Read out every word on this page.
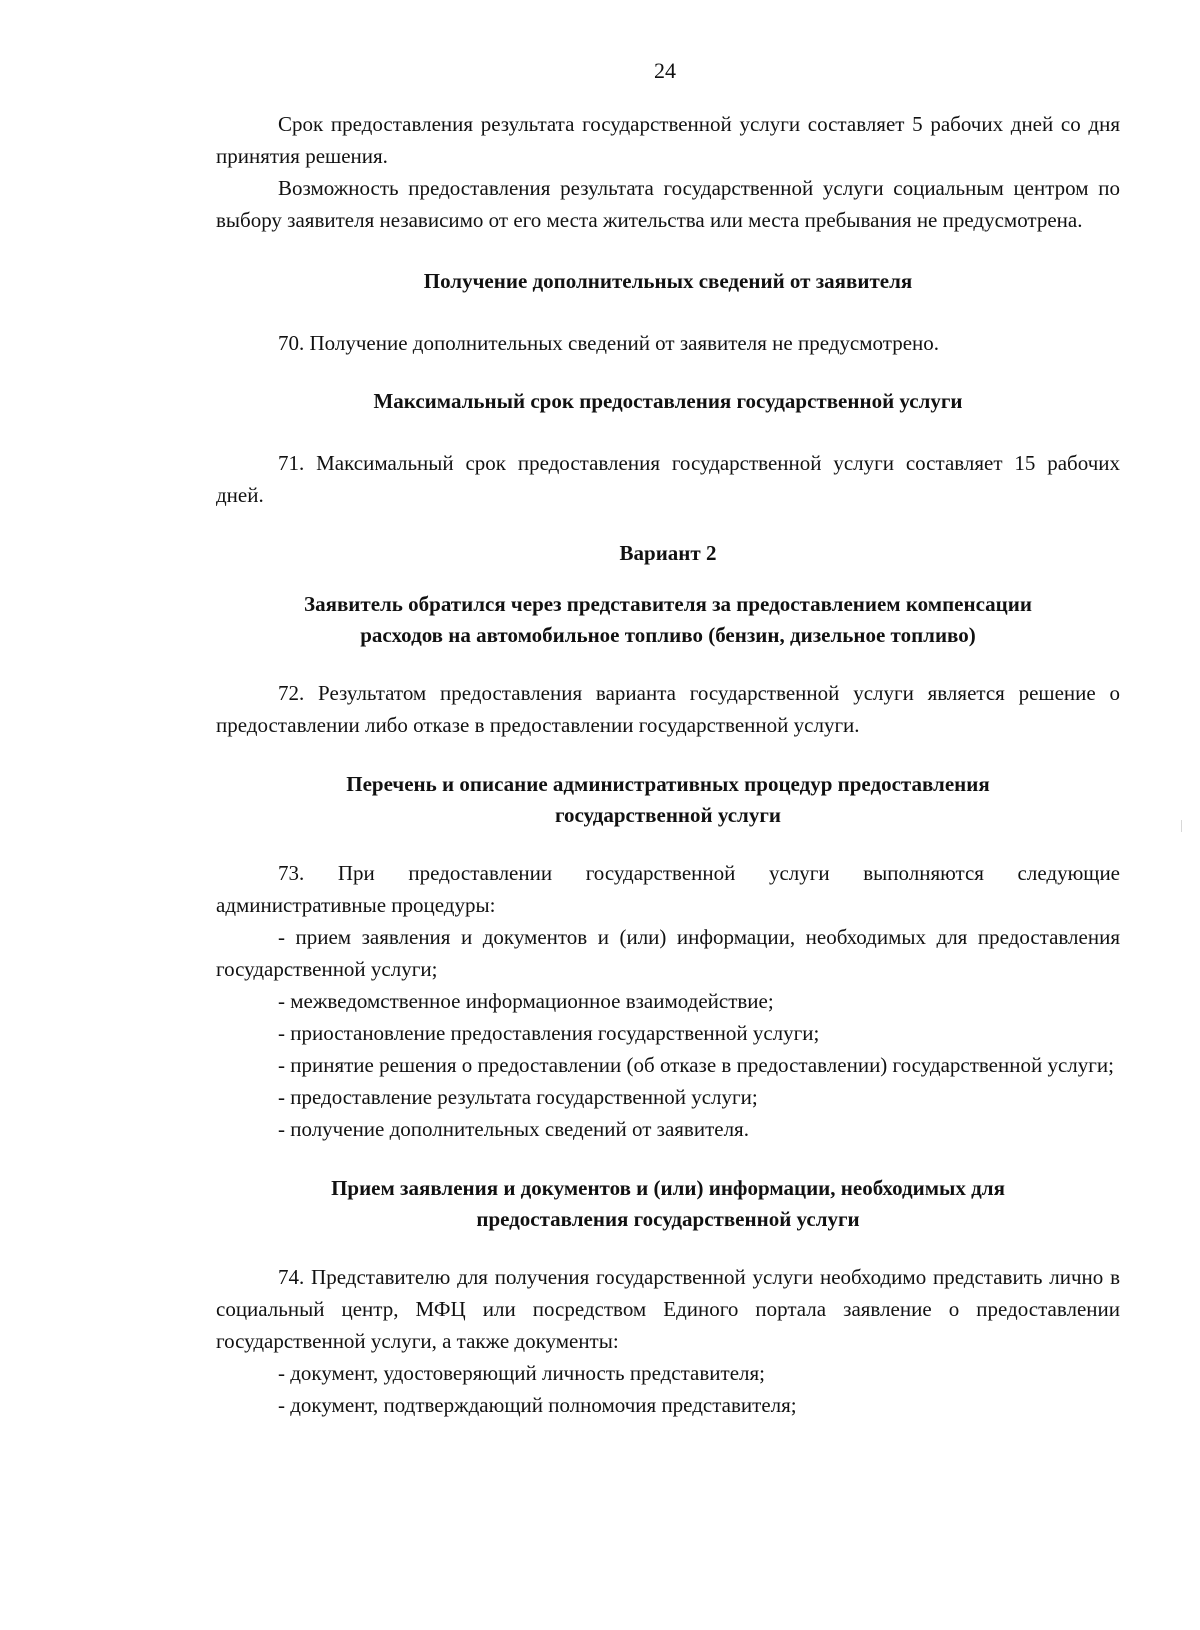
24

Срок предоставления результата государственной услуги составляет 5 рабочих дней со дня принятия решения.

Возможность предоставления результата государственной услуги социальным центром по выбору заявителя независимо от его места жительства или места пребывания не предусмотрена.

Получение дополнительных сведений от заявителя

70. Получение дополнительных сведений от заявителя не предусмотрено.

Максимальный срок предоставления государственной услуги

71. Максимальный срок предоставления государственной услуги составляет 15 рабочих дней.

Вариант 2

Заявитель обратился через представителя за предоставлением компенсации

расходов на автомобильное топливо (бензин, дизельное топливо)

72. Результатом предоставления варианта государственной услуги является решение о предоставлении либо отказе в предоставлении государственной услуги.

Перечень и описание административных процедур предоставления

государственной услуги

73. При предоставлении государственной услуги выполняются следующие административные процедуры:

- прием заявления и документов и (или) информации, необходимых для предоставления государственной услуги;

- межведомственное информационное взаимодействие;

- приостановление предоставления государственной услуги;

- принятие решения о предоставлении (об отказе в предоставлении) государственной услуги;

- предоставление результата государственной услуги;

- получение дополнительных сведений от заявителя.

Прием заявления и документов и (или) информации, необходимых для

предоставления государственной услуги

74. Представителю для получения государственной услуги необходимо представить лично в социальный центр, МФЦ или посредством Единого портала заявление о предоставлении государственной услуги, а также документы:

- документ, удостоверяющий личность представителя;

- документ, подтверждающий полномочия представителя;
